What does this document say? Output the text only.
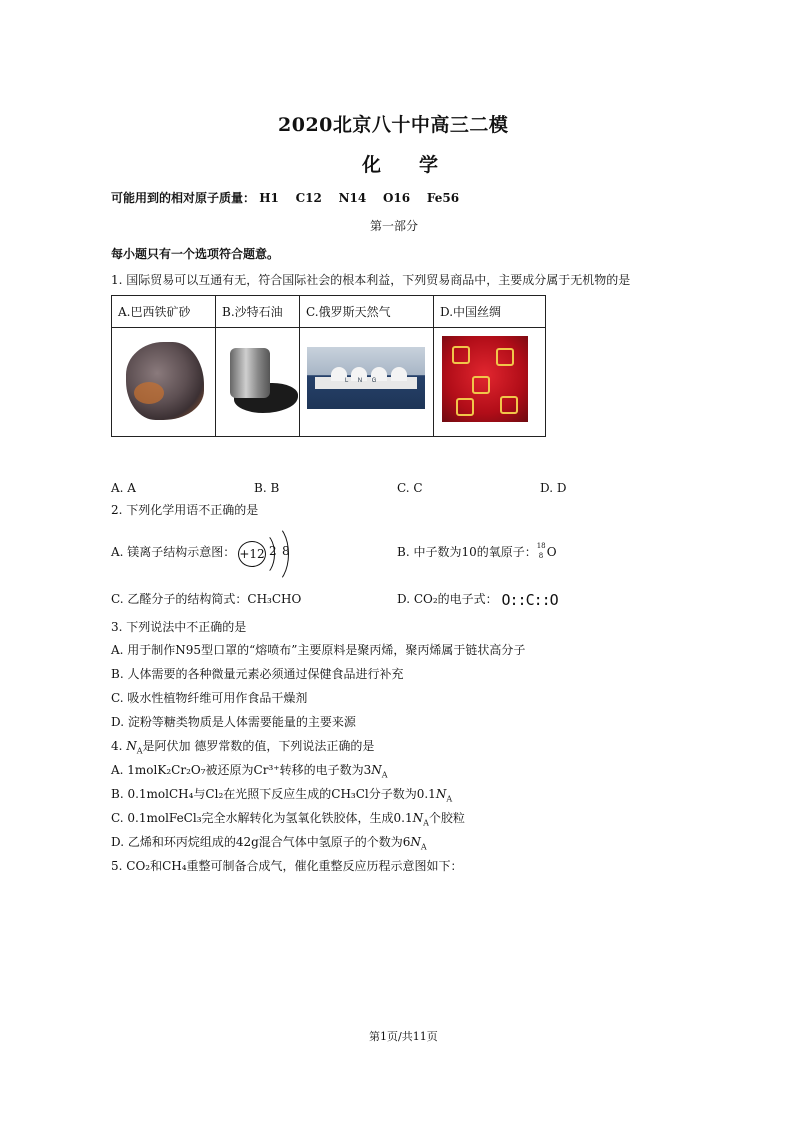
2020北京八十中高三二模
化　　学
可能用到的相对原子质量： H1 C12 N14 O16 Fe56
第一部分
每小题只有一个选项符合题意。
1. 国际贸易可以互通有无，符合国际社会的根本利益，下列贸易商品中，主要成分属于无机物的是
A.巴西铁矿砂	B.沙特石油	C.俄罗斯天然气	D.中国丝绸

		L N G	

A. A	B. B	C. C	D. D
2. 下列化学用语不正确的是
A. 镁离子结构示意图： +12 2 8	B. 中子数为10的氧原子： 18
8 O
C. 乙醛分子的结构简式：CH₃CHO	D. CO₂的电子式： O::C::O
3. 下列说法中不正确的是
A. 用于制作N95型口罩的“熔喷布”主要原料是聚丙烯，聚丙烯属于链状高分子
B. 人体需要的各种微量元素必须通过保健食品进行补充
C. 吸水性植物纤维可用作食品干燥剂
D. 淀粉等糖类物质是人体需要能量的主要来源
4. $N_A$是阿伏加 德罗常数的值，下列说法正确的是
A. 1molK₂Cr₂O₇被还原为Cr³⁺转移的电子数为$3N_A$
B. 0.1molCH₄与Cl₂在光照下反应生成的CH₃Cl分子数为$0.1N_A$
C. 0.1molFeCl₃完全水解转化为氢氧化铁胶体，生成$0.1N_A$个胶粒
D. 乙烯和环丙烷组成的42g混合气体中氢原子的个数为$6N_A$
5. CO₂和CH₄重整可制备合成气，催化重整反应历程示意图如下：
第1页/共11页
